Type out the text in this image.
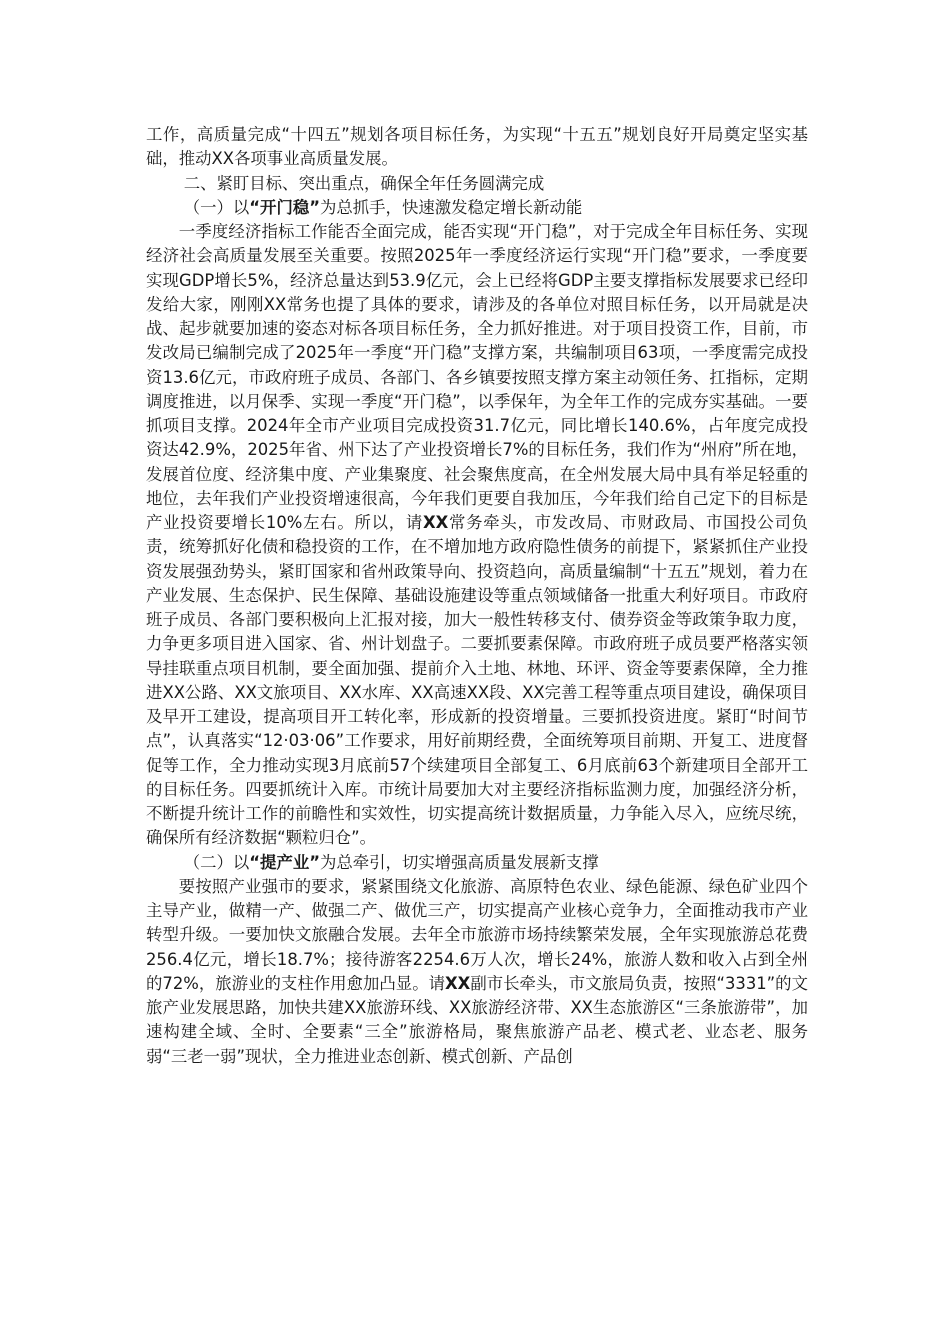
工作，高质量完成“十四五”规划各项目标任务，为实现“十五五”规划良好开局奠定坚实基础，推动XX各项事业高质量发展。

二、紧盯目标、突出重点，确保全年任务圆满完成

（一）以“开门稳”为总抓手，快速激发稳定增长新动能

一季度经济指标工作能否全面完成，能否实现“开门稳”，对于完成全年目标任务、实现经济社会高质量发展至关重要。按照2025年一季度经济运行实现“开门稳”要求，一季度要实现GDP增长5%，经济总量达到53.9亿元，会上已经将GDP主要支撑指标发展要求已经印发给大家，刚刚XX常务也提了具体的要求，请涉及的各单位对照目标任务，以开局就是决战、起步就要加速的姿态对标各项目标任务，全力抓好推进。对于项目投资工作，目前，市发改局已编制完成了2025年一季度“开门稳”支撑方案，共编制项目63项，一季度需完成投资13.6亿元，市政府班子成员、各部门、各乡镇要按照支撑方案主动领任务、扛指标，定期调度推进，以月保季、实现一季度“开门稳”，以季保年，为全年工作的完成夯实基础。一要抓项目支撑。2024年全市产业项目完成投资31.7亿元，同比增长140.6%，占年度完成投资达42.9%，2025年省、州下达了产业投资增长7%的目标任务，我们作为“州府”所在地，发展首位度、经济集中度、产业集聚度、社会聚焦度高，在全州发展大局中具有举足轻重的地位，去年我们产业投资增速很高，今年我们更要自我加压，今年我们给自己定下的目标是产业投资要增长10%左右。所以，请XX常务牵头，市发改局、市财政局、市国投公司负责，统筹抓好化债和稳投资的工作，在不增加地方政府隐性债务的前提下，紧紧抓住产业投资发展强劲势头，紧盯国家和省州政策导向、投资趋向，高质量编制“十五五”规划，着力在产业发展、生态保护、民生保障、基础设施建设等重点领域储备一批重大利好项目。市政府班子成员、各部门要积极向上汇报对接，加大一般性转移支付、债券资金等政策争取力度，力争更多项目进入国家、省、州计划盘子。二要抓要素保障。市政府班子成员要严格落实领导挂联重点项目机制，要全面加强、提前介入土地、林地、环评、资金等要素保障，全力推进XX公路、XX文旅项目、XX水库、XX高速XX段、XX完善工程等重点项目建设，确保项目及早开工建设，提高项目开工转化率，形成新的投资增量。三要抓投资进度。紧盯“时间节点”，认真落实“12·03·06”工作要求，用好前期经费，全面统筹项目前期、开复工、进度督促等工作，全力推动实现3月底前57个续建项目全部复工、6月底前63个新建项目全部开工的目标任务。四要抓统计入库。市统计局要加大对主要经济指标监测力度，加强经济分析，不断提升统计工作的前瞻性和实效性，切实提高统计数据质量，力争能入尽入，应统尽统，确保所有经济数据“颗粒归仓”。

（二）以“提产业”为总牵引，切实增强高质量发展新支撑

要按照产业强市的要求，紧紧围绕文化旅游、高原特色农业、绿色能源、绿色矿业四个主导产业，做精一产、做强二产、做优三产，切实提高产业核心竞争力，全面推动我市产业转型升级。一要加快文旅融合发展。去年全市旅游市场持续繁荣发展，全年实现旅游总花费256.4亿元，增长18.7%；接待游客2254.6万人次，增长24%，旅游人数和收入占到全州的72%，旅游业的支柱作用愈加凸显。请XX副市长牵头，市文旅局负责，按照“3331”的文旅产业发展思路，加快共建XX旅游环线、XX旅游经济带、XX生态旅游区“三条旅游带”，加速构建全域、全时、全要素“三全”旅游格局，聚焦旅游产品老、模式老、业态老、服务弱“三老一弱”现状，全力推进业态创新、模式创新、产品创
